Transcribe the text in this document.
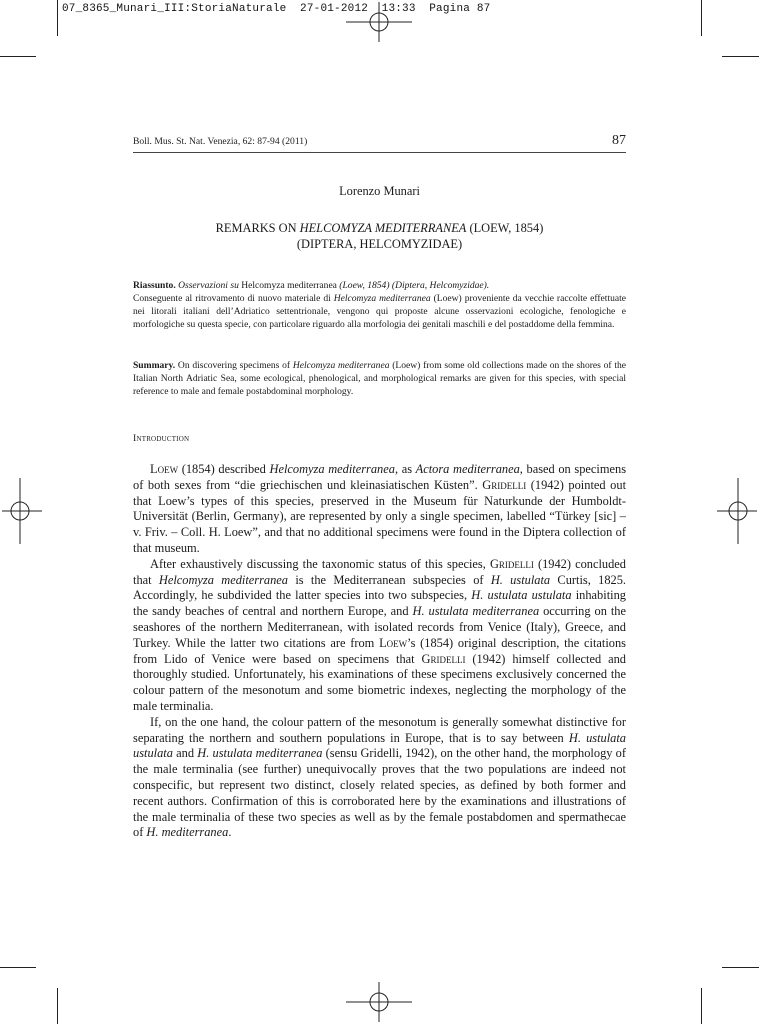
07_8365_Munari_III:StoriaNaturale  27-01-2012  13:33  Pagina 87
Boll. Mus. St. Nat. Venezia, 62: 87-94 (2011)	87
Lorenzo Munari
REMARKS ON HELCOMYZA MEDITERRANEA (LOEW, 1854)
(DIPTERA, HELCOMYZIDAE)

Riassunto. Osservazioni su Helcomyza mediterranea (Loew, 1854) (Diptera, Helcomyzidae).

Conseguente al ritrovamento di nuovo materiale di Helcomyza mediterranea (Loew) proveniente da vecchie raccolte effettuate nei litorali italiani dell’Adriatico settentrionale, vengono qui proposte alcune osservazioni ecologiche, fenologiche e morfologiche su questa specie, con particolare riguardo alla morfologia dei genitali maschili e del postaddome della femmina.

Summary. On discovering specimens of Helcomyza mediterranea (Loew) from some old collections made on the shores of the Italian North Adriatic Sea, some ecological, phenological, and morphological remarks are given for this species, with special reference to male and female postabdominal morphology.

Introduction

Loew (1854) described Helcomyza mediterranea, as Actora mediterranea, based on specimens of both sexes from “die griechischen und kleinasiatischen Küsten”. Gridelli (1942) pointed out that Loew’s types of this species, preserved in the Museum für Naturkunde der Humboldt-Universität (Berlin, Germany), are represented by only a single specimen, labelled “Türkey [sic] – v. Friv. – Coll. H. Loew”, and that no additional specimens were found in the Diptera collection of that museum.

After exhaustively discussing the taxonomic status of this species, Gridelli (1942) concluded that Helcomyza mediterranea is the Mediterranean subspecies of H. ustulata Curtis, 1825. Accordingly, he subdivided the latter species into two subspecies, H. ustulata ustulata inhabiting the sandy beaches of central and northern Europe, and H. ustulata mediterranea occurring on the seashores of the northern Mediterranean, with isolated records from Venice (Italy), Greece, and Turkey. While the latter two citations are from Loew’s (1854) original description, the citations from Lido of Venice were based on specimens that Gridelli (1942) himself collected and thoroughly studied. Unfortunately, his examinations of these specimens exclusively concerned the colour pattern of the mesonotum and some biometric indexes, neglecting the morphology of the male terminalia.

If, on the one hand, the colour pattern of the mesonotum is generally somewhat distinctive for separating the northern and southern populations in Europe, that is to say between H. ustulata ustulata and H. ustulata mediterranea (sensu Gridelli, 1942), on the other hand, the morphology of the male terminalia (see further) unequivocally proves that the two populations are indeed not conspecific, but represent two distinct, closely related species, as defined by both former and recent authors. Confirmation of this is corroborated here by the examinations and illustrations of the male terminalia of these two species as well as by the female postabdomen and spermathecae of H. mediterranea.
